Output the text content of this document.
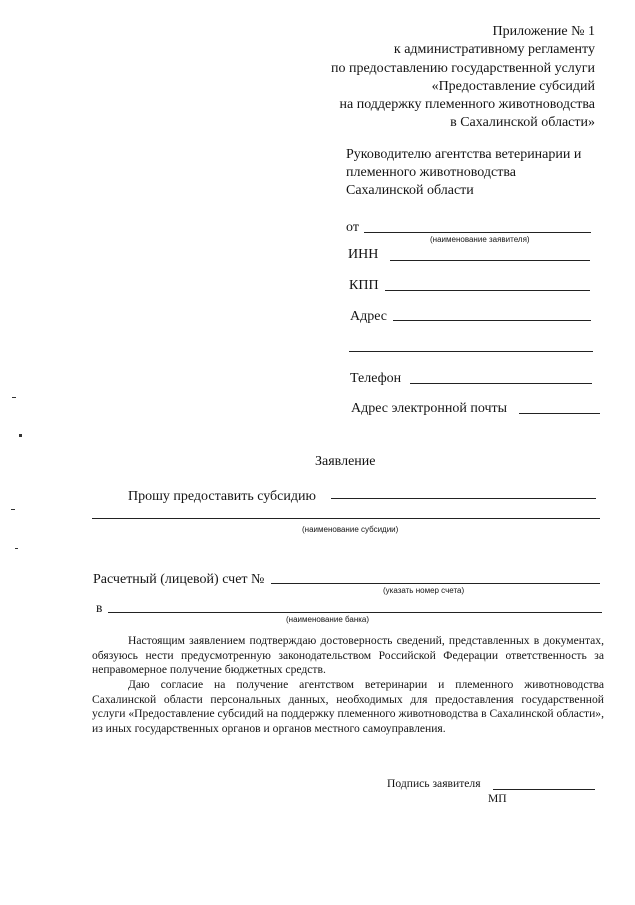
Приложение № 1
к административному регламенту
по предоставлению государственной услуги
«Предоставление субсидий
на поддержку племенного животноводства
в Сахалинской области»
Руководителю агентства ветеринарии и
племенного животноводства
Сахалинской области
от
(наименование заявителя)
ИНН
КПП
Адрес
Телефон
Адрес электронной почты
Заявление
Прошу предоставить субсидию
(наименование субсидии)
Расчетный (лицевой) счет №
(указать номер счета)
в
(наименование банка)
Настоящим заявлением подтверждаю достоверность сведений, представленных в документах, обязуюсь нести предусмотренную законодательством Российской Федерации ответственность за неправомерное получение бюджетных средств.
Даю согласие на получение агентством ветеринарии и племенного животноводства Сахалинской области персональных данных, необходимых для предоставления государственной услуги «Предоставление субсидий на поддержку племенного животноводства в Сахалинской области», из иных государственных органов и органов местного самоуправления.
Подпись заявителя
МП
